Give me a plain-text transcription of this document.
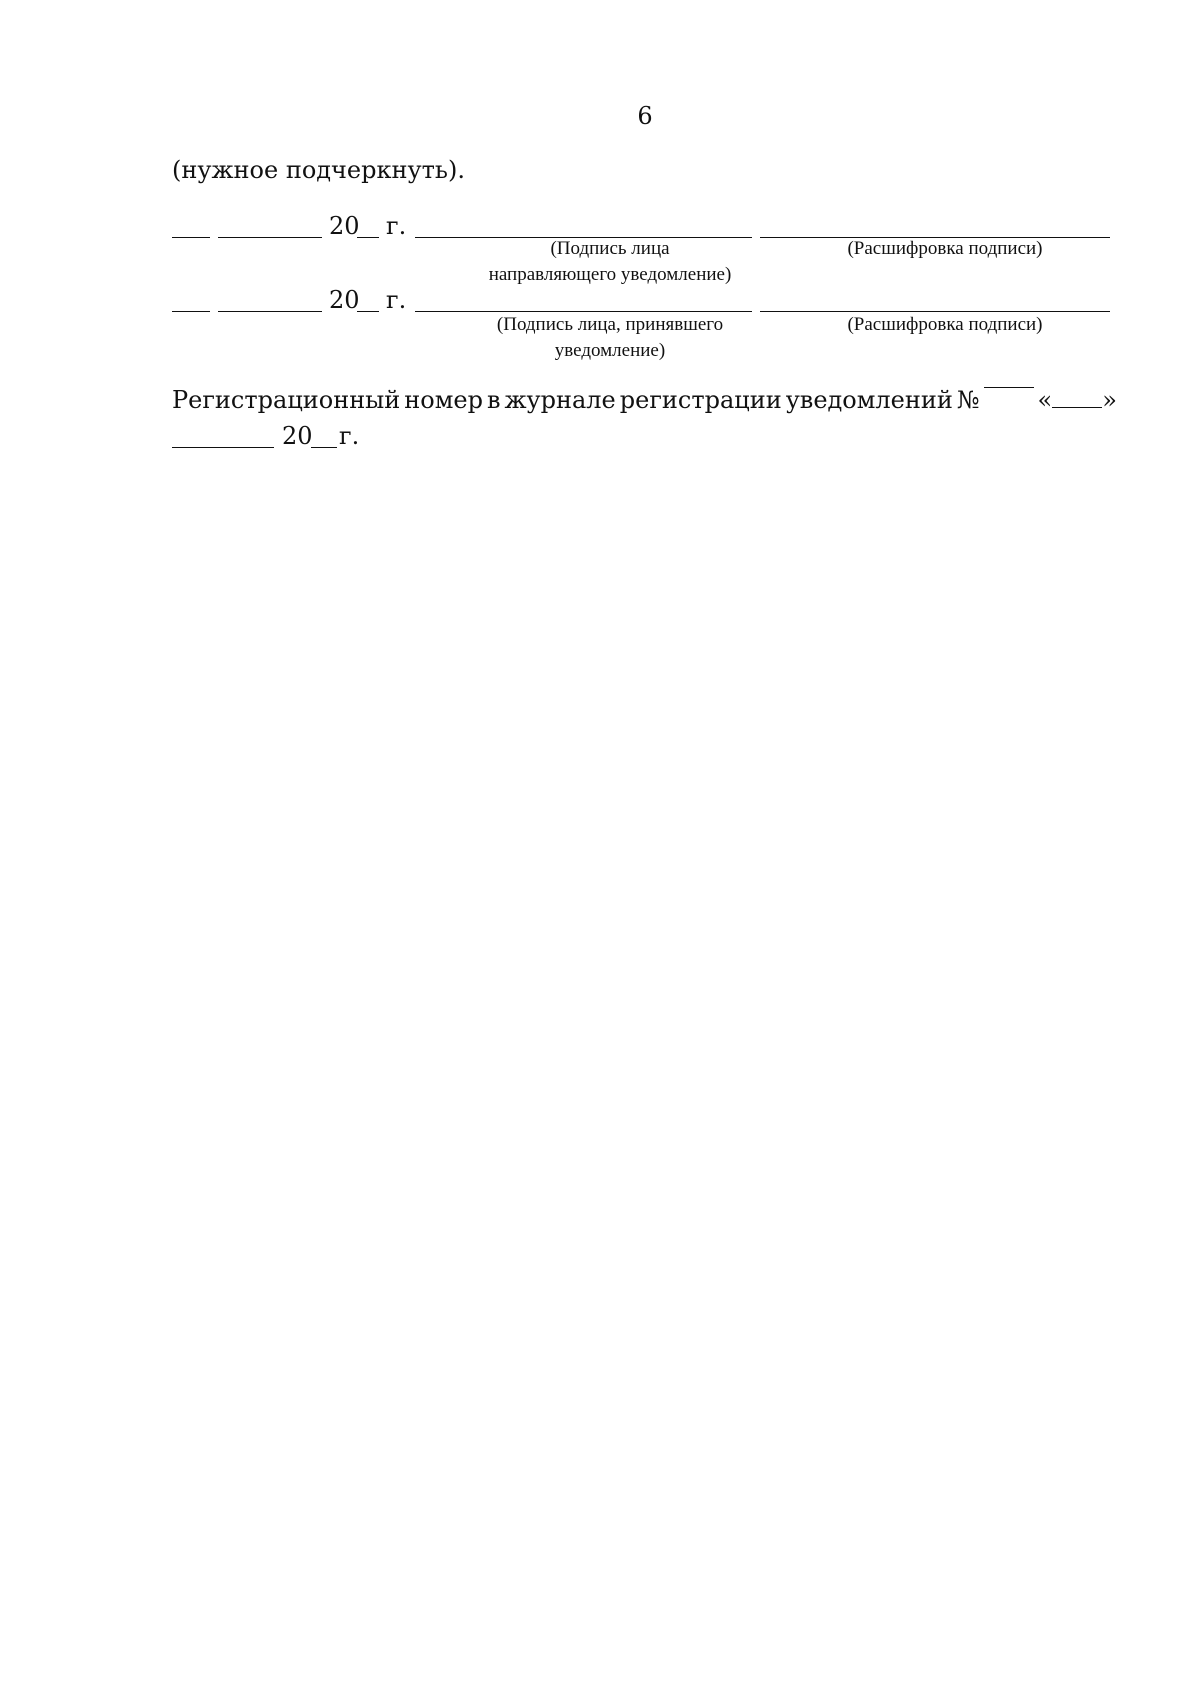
6
(нужное подчеркнуть).
20 г.
(Подпись лица
направляющего уведомление)
(Расшифровка подписи)
20 г.
(Подпись лица, принявшего
уведомление)
(Расшифровка подписи)
Регистрационный номер в журнале регистрации уведомлений № « »
20 г.
